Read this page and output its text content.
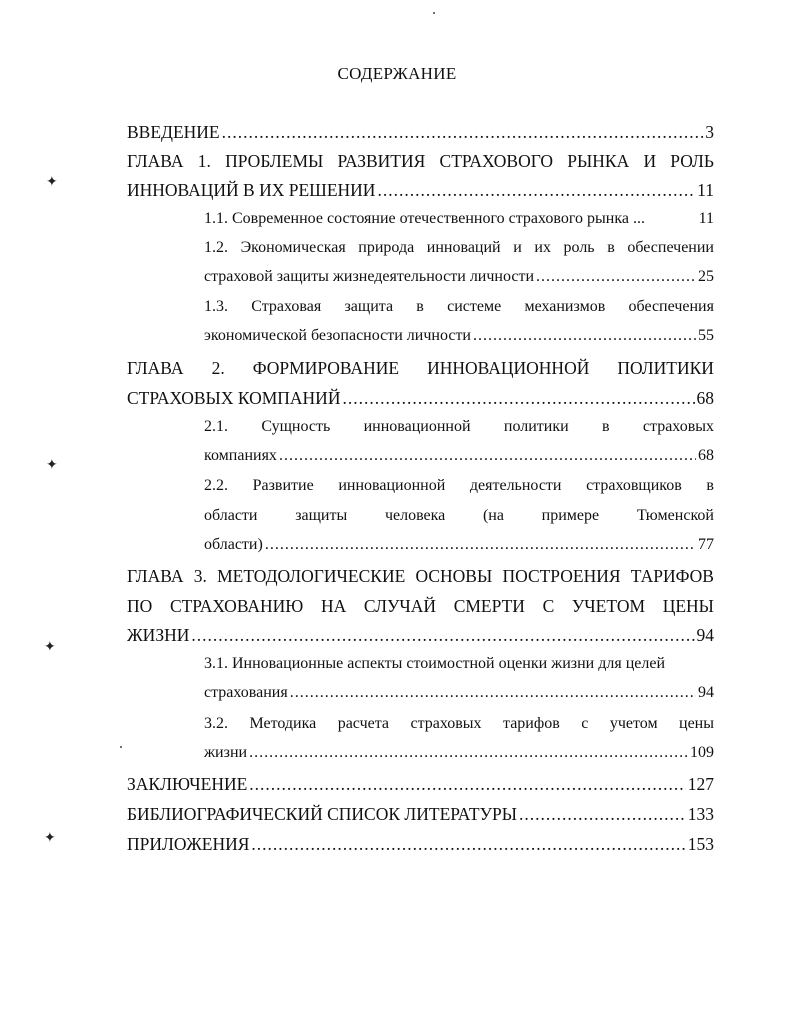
СОДЕРЖАНИЕ
ВВЕДЕНИЕ .....	3
ГЛАВА 1. ПРОБЛЕМЫ РАЗВИТИЯ СТРАХОВОГО РЫНКА И РОЛЬ
ИННОВАЦИЙ В ИХ РЕШЕНИИ .....	11
1.1. Современное состояние отечественного страхового рынка ...	11
1.2. Экономическая природа инноваций и их роль в обеспечении
страховой защиты жизнедеятельности личности .....	25
1.3. Страховая защита в системе механизмов обеспечения
экономической безопасности личности .....	55
ГЛАВА 2. ФОРМИРОВАНИЕ ИННОВАЦИОННОЙ ПОЛИТИКИ
СТРАХОВЫХ КОМПАНИЙ .....	68
2.1. Сущность инновационной политики в страховых
компаниях .....	68
2.2. Развитие инновационной деятельности страховщиков в
области защиты человека (на примере Тюменской
области) .....	77
ГЛАВА 3. МЕТОДОЛОГИЧЕСКИЕ ОСНОВЫ ПОСТРОЕНИЯ ТАРИФОВ
ПО СТРАХОВАНИЮ НА СЛУЧАЙ СМЕРТИ С УЧЕТОМ ЦЕНЫ
ЖИЗНИ .....	94
3.1. Инновационные аспекты стоимостной оценки жизни для целей
страхования .....	94
3.2. Методика расчета страховых тарифов с учетом цены
жизни .....	109
ЗАКЛЮЧЕНИЕ .....	127
БИБЛИОГРАФИЧЕСКИЙ СПИСОК ЛИТЕРАТУРЫ .....	133
ПРИЛОЖЕНИЯ .....	153
✦
✦
✦
✦
